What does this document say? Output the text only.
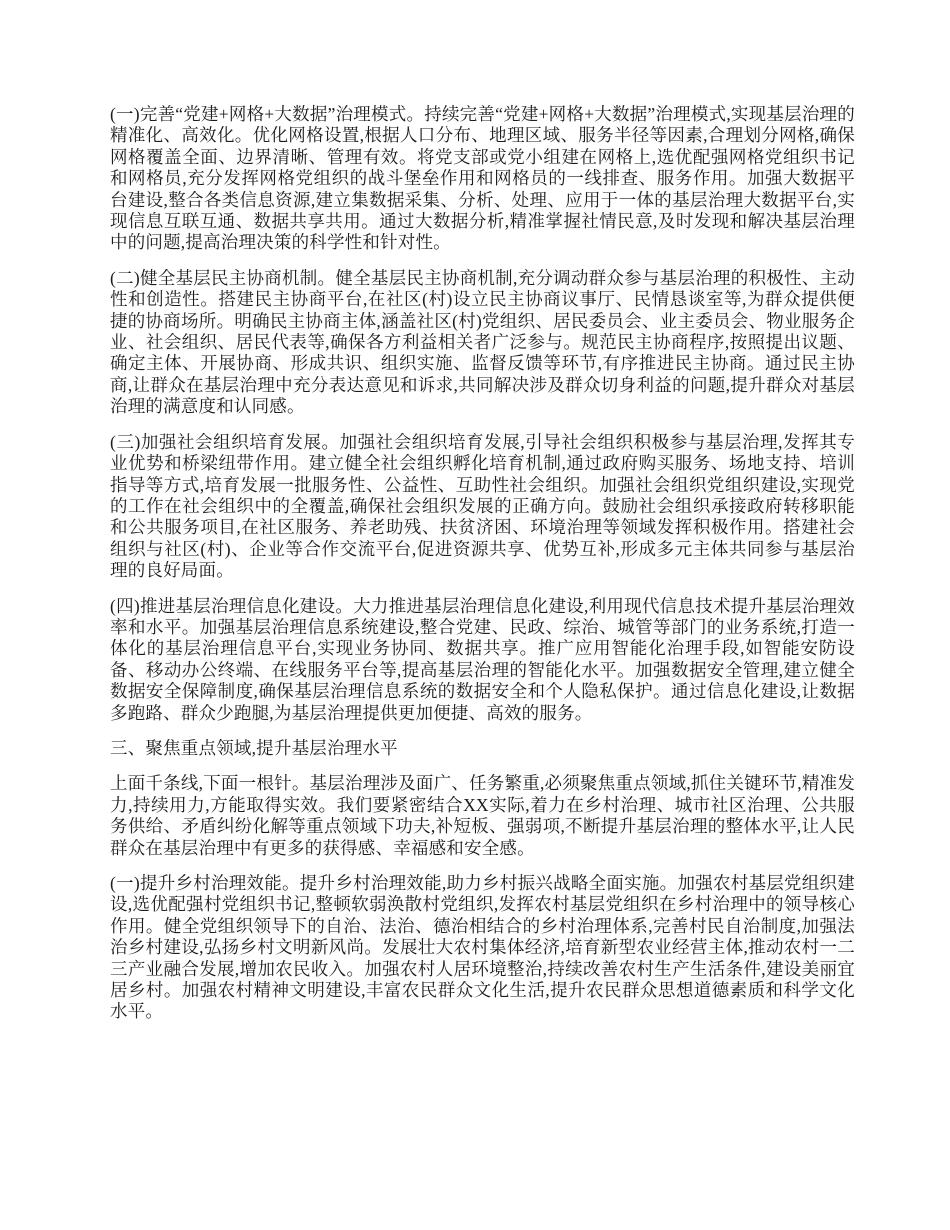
(一)完善“党建+网格+大数据”治理模式。持续完善“党建+网格+大数据”治理模式,实现基层治理的精准化、高效化。优化网格设置,根据人口分布、地理区域、服务半径等因素,合理划分网格,确保网格覆盖全面、边界清晰、管理有效。将党支部或党小组建在网格上,选优配强网格党组织书记和网格员,充分发挥网格党组织的战斗堡垒作用和网格员的一线排查、服务作用。加强大数据平台建设,整合各类信息资源,建立集数据采集、分析、处理、应用于一体的基层治理大数据平台,实现信息互联互通、数据共享共用。通过大数据分析,精准掌握社情民意,及时发现和解决基层治理中的问题,提高治理决策的科学性和针对性。

(二)健全基层民主协商机制。健全基层民主协商机制,充分调动群众参与基层治理的积极性、主动性和创造性。搭建民主协商平台,在社区(村)设立民主协商议事厅、民情恳谈室等,为群众提供便捷的协商场所。明确民主协商主体,涵盖社区(村)党组织、居民委员会、业主委员会、物业服务企业、社会组织、居民代表等,确保各方利益相关者广泛参与。规范民主协商程序,按照提出议题、确定主体、开展协商、形成共识、组织实施、监督反馈等环节,有序推进民主协商。通过民主协商,让群众在基层治理中充分表达意见和诉求,共同解决涉及群众切身利益的问题,提升群众对基层治理的满意度和认同感。

(三)加强社会组织培育发展。加强社会组织培育发展,引导社会组织积极参与基层治理,发挥其专业优势和桥梁纽带作用。建立健全社会组织孵化培育机制,通过政府购买服务、场地支持、培训指导等方式,培育发展一批服务性、公益性、互助性社会组织。加强社会组织党组织建设,实现党的工作在社会组织中的全覆盖,确保社会组织发展的正确方向。鼓励社会组织承接政府转移职能和公共服务项目,在社区服务、养老助残、扶贫济困、环境治理等领域发挥积极作用。搭建社会组织与社区(村)、企业等合作交流平台,促进资源共享、优势互补,形成多元主体共同参与基层治理的良好局面。

(四)推进基层治理信息化建设。大力推进基层治理信息化建设,利用现代信息技术提升基层治理效率和水平。加强基层治理信息系统建设,整合党建、民政、综治、城管等部门的业务系统,打造一体化的基层治理信息平台,实现业务协同、数据共享。推广应用智能化治理手段,如智能安防设备、移动办公终端、在线服务平台等,提高基层治理的智能化水平。加强数据安全管理,建立健全数据安全保障制度,确保基层治理信息系统的数据安全和个人隐私保护。通过信息化建设,让数据多跑路、群众少跑腿,为基层治理提供更加便捷、高效的服务。

三、聚焦重点领域,提升基层治理水平

上面千条线,下面一根针。基层治理涉及面广、任务繁重,必须聚焦重点领域,抓住关键环节,精准发力,持续用力,方能取得实效。我们要紧密结合XX实际,着力在乡村治理、城市社区治理、公共服务供给、矛盾纠纷化解等重点领域下功夫,补短板、强弱项,不断提升基层治理的整体水平,让人民群众在基层治理中有更多的获得感、幸福感和安全感。

(一)提升乡村治理效能。提升乡村治理效能,助力乡村振兴战略全面实施。加强农村基层党组织建设,选优配强村党组织书记,整顿软弱涣散村党组织,发挥农村基层党组织在乡村治理中的领导核心作用。健全党组织领导下的自治、法治、德治相结合的乡村治理体系,完善村民自治制度,加强法治乡村建设,弘扬乡村文明新风尚。发展壮大农村集体经济,培育新型农业经营主体,推动农村一二三产业融合发展,增加农民收入。加强农村人居环境整治,持续改善农村生产生活条件,建设美丽宜居乡村。加强农村精神文明建设,丰富农民群众文化生活,提升农民群众思想道德素质和科学文化水平。
